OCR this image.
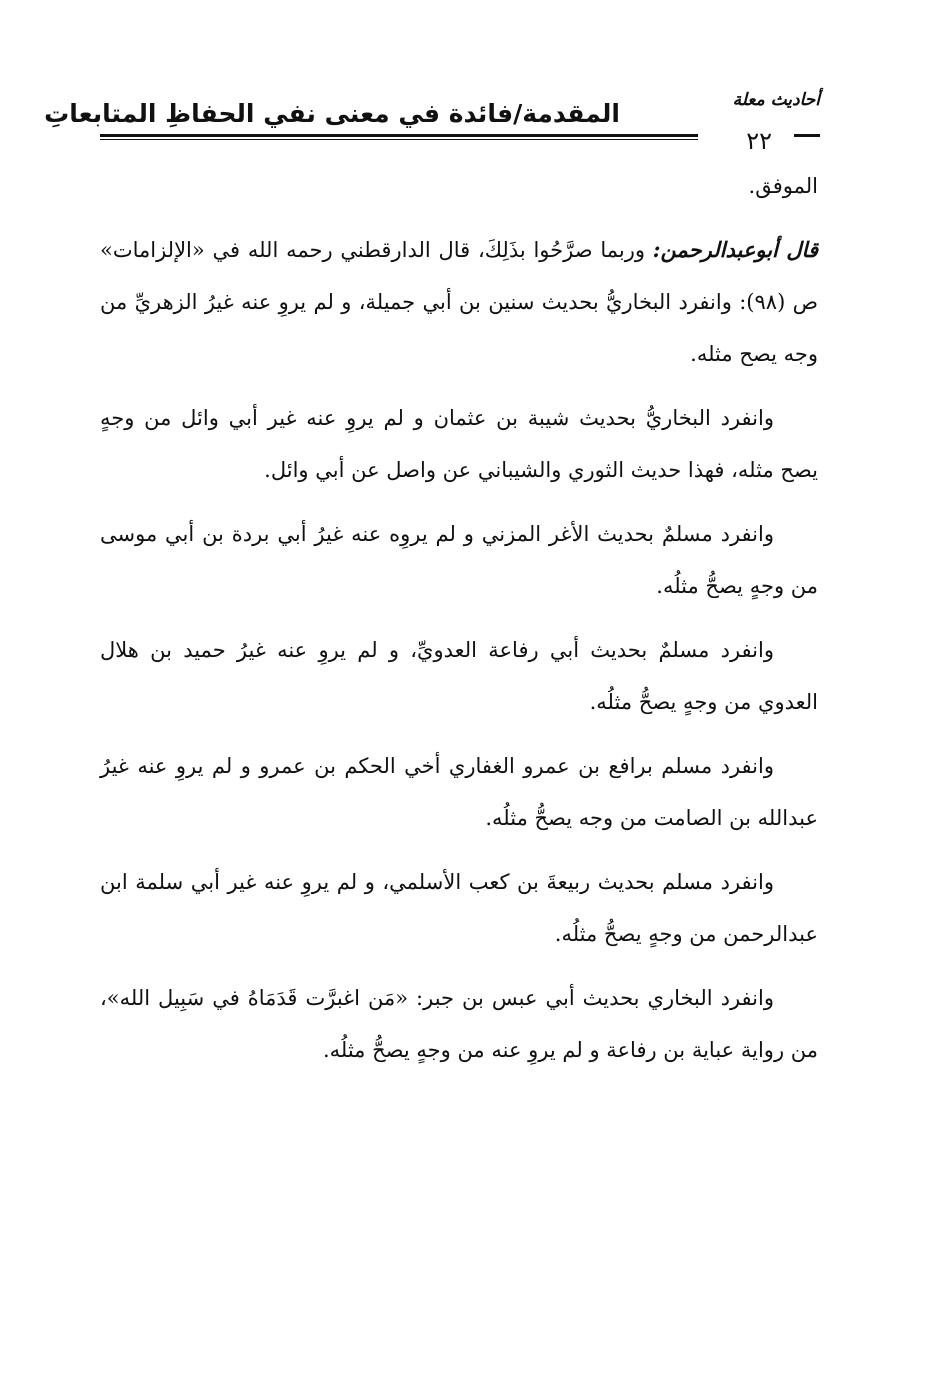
أحاديث معلة
المقدمة/فائدة في معنى نفي الحفاظِ المتابعاتِ
٢٢

الموفق.

قال أبوعبدالرحمن: وربما صرَّحُوا بذَلِكَ، قال الدارقطني رحمه الله في «الإلزامات» ص (٩٨): وانفرد البخاريُّ بحديث سنين بن أبي جميلة، و لم يروِ عنه غيرُ الزهريِّ من وجه يصح مثله.

وانفرد البخاريُّ بحديث شيبة بن عثمان و لم يروِ عنه غير أبي وائل من وجهٍ يصح مثله، فهذا حديث الثوري والشيباني عن واصل عن أبي وائل.

وانفرد مسلمٌ بحديث الأغر المزني و لم يروِه عنه غيرُ أبي بردة بن أبي موسى من وجهٍ يصحُّ مثلُه.

وانفرد مسلمٌ بحديث أبي رفاعة العدويِّ، و لم يروِ عنه غيرُ حميد بن هلال العدوي من وجهٍ يصحُّ مثلُه.

وانفرد مسلم برافع بن عمرو الغفاري أخي الحكم بن عمرو و لم يروِ عنه غيرُ عبدالله بن الصامت من وجه يصحُّ مثلُه.

وانفرد مسلم بحديث ربيعةَ بن كعب الأسلمي، و لم يروِ عنه غير أبي سلمة ابن عبدالرحمن من وجهٍ يصحُّ مثلُه.

وانفرد البخاري بحديث أبي عبس بن جبر: «مَن اغبرَّت قَدَمَاهُ في سَبِيل الله»، من رواية عباية بن رفاعة و لم يروِ عنه من وجهٍ يصحُّ مثلُه.
